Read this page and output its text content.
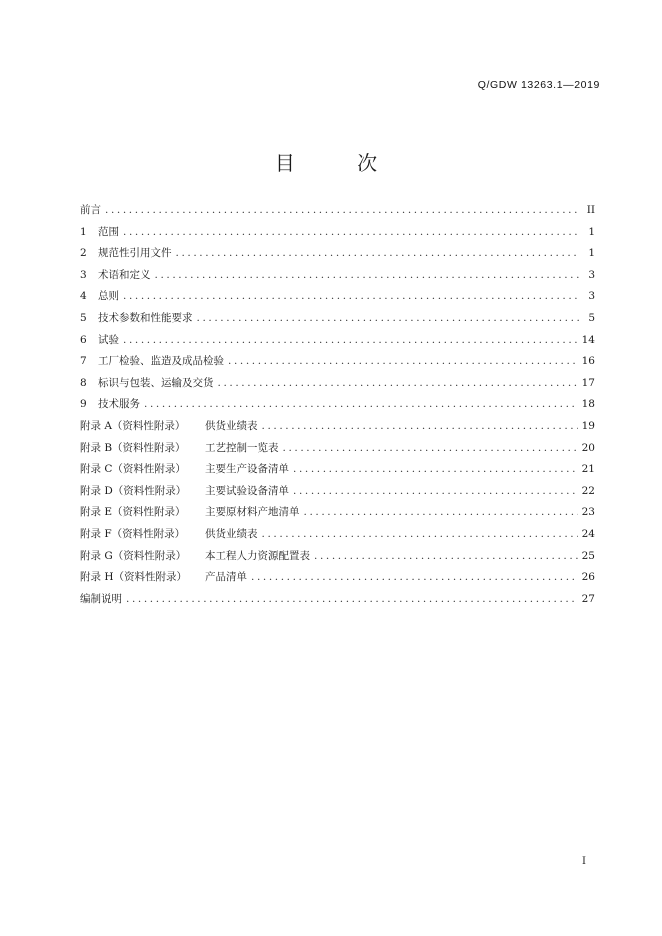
Q/GDW 13263.1—2019
目 次
前言 .....	II
1	范围 .....	1
2	规范性引用文件 .....	1
3	术语和定义 .....	3
4	总则 .....	3
5	技术参数和性能要求 .....	5
6	试验 .....	14
7	工厂检验、监造及成品检验 .....	16
8	标识与包装、运输及交货 .....	17
9	技术服务 .....	18
附录 A（资料性附录）	供货业绩表 .....	19
附录 B（资料性附录）	工艺控制一览表 .....	20
附录 C（资料性附录）	主要生产设备清单 .....	21
附录 D（资料性附录）	主要试验设备清单 .....	22
附录 E（资料性附录）	主要原材料产地清单 .....	23
附录 F（资料性附录）	供货业绩表 .....	24
附录 G（资料性附录）	本工程人力资源配置表 .....	25
附录 H（资料性附录）	产品清单 .....	26
编制说明 .....	27
I
